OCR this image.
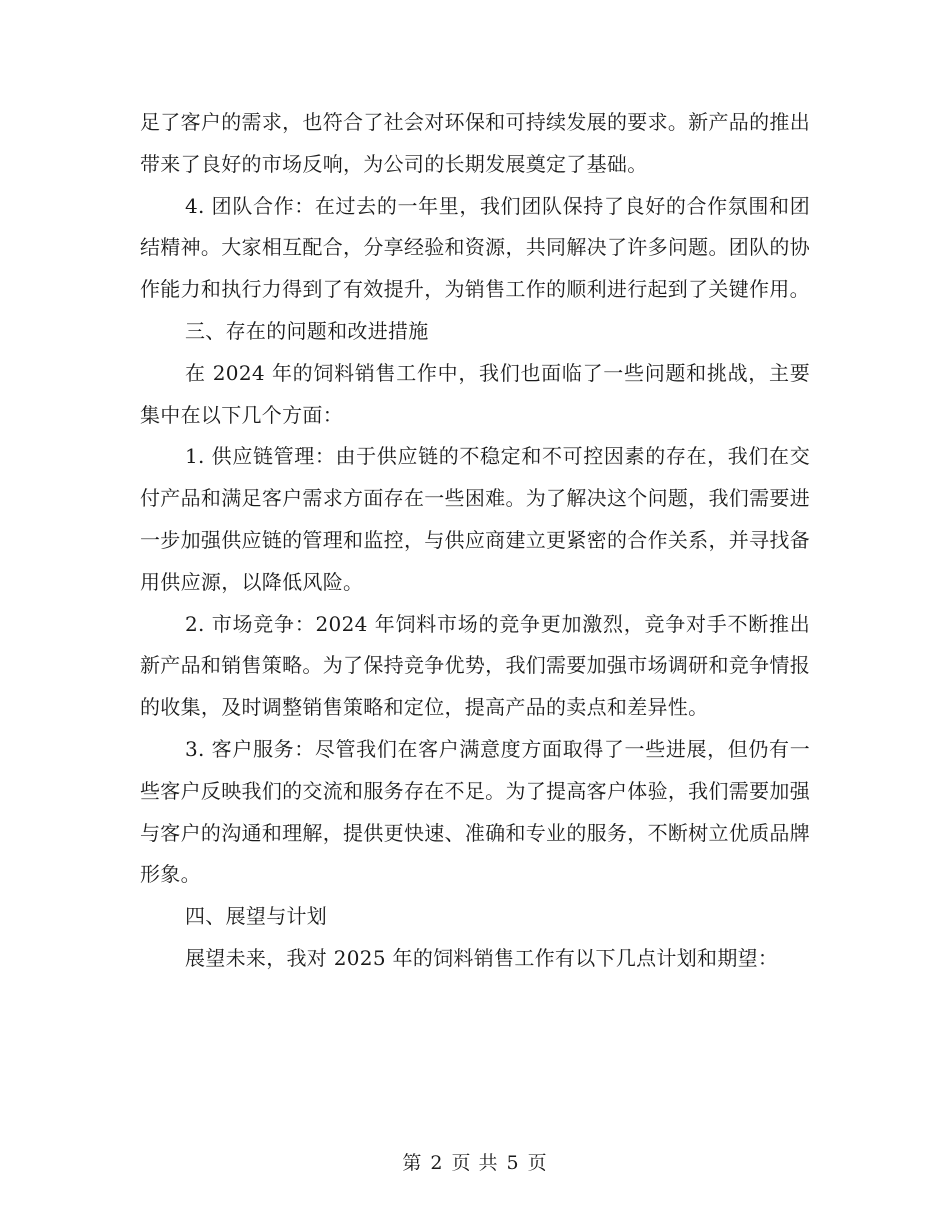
足了客户的需求，也符合了社会对环保和可持续发展的要求。新产品的推出带来了良好的市场反响，为公司的长期发展奠定了基础。

4. 团队合作：在过去的一年里，我们团队保持了良好的合作氛围和团结精神。大家相互配合，分享经验和资源，共同解决了许多问题。团队的协作能力和执行力得到了有效提升，为销售工作的顺利进行起到了关键作用。

三、存在的问题和改进措施

在 2024 年的饲料销售工作中，我们也面临了一些问题和挑战，主要集中在以下几个方面：

1. 供应链管理：由于供应链的不稳定和不可控因素的存在，我们在交付产品和满足客户需求方面存在一些困难。为了解决这个问题，我们需要进一步加强供应链的管理和监控，与供应商建立更紧密的合作关系，并寻找备用供应源，以降低风险。

2. 市场竞争：2024 年饲料市场的竞争更加激烈，竞争对手不断推出新产品和销售策略。为了保持竞争优势，我们需要加强市场调研和竞争情报的收集，及时调整销售策略和定位，提高产品的卖点和差异性。

3. 客户服务：尽管我们在客户满意度方面取得了一些进展，但仍有一些客户反映我们的交流和服务存在不足。为了提高客户体验，我们需要加强与客户的沟通和理解，提供更快速、准确和专业的服务，不断树立优质品牌形象。

四、展望与计划

展望未来，我对 2025 年的饲料销售工作有以下几点计划和期望：

第 2 页 共 5 页
